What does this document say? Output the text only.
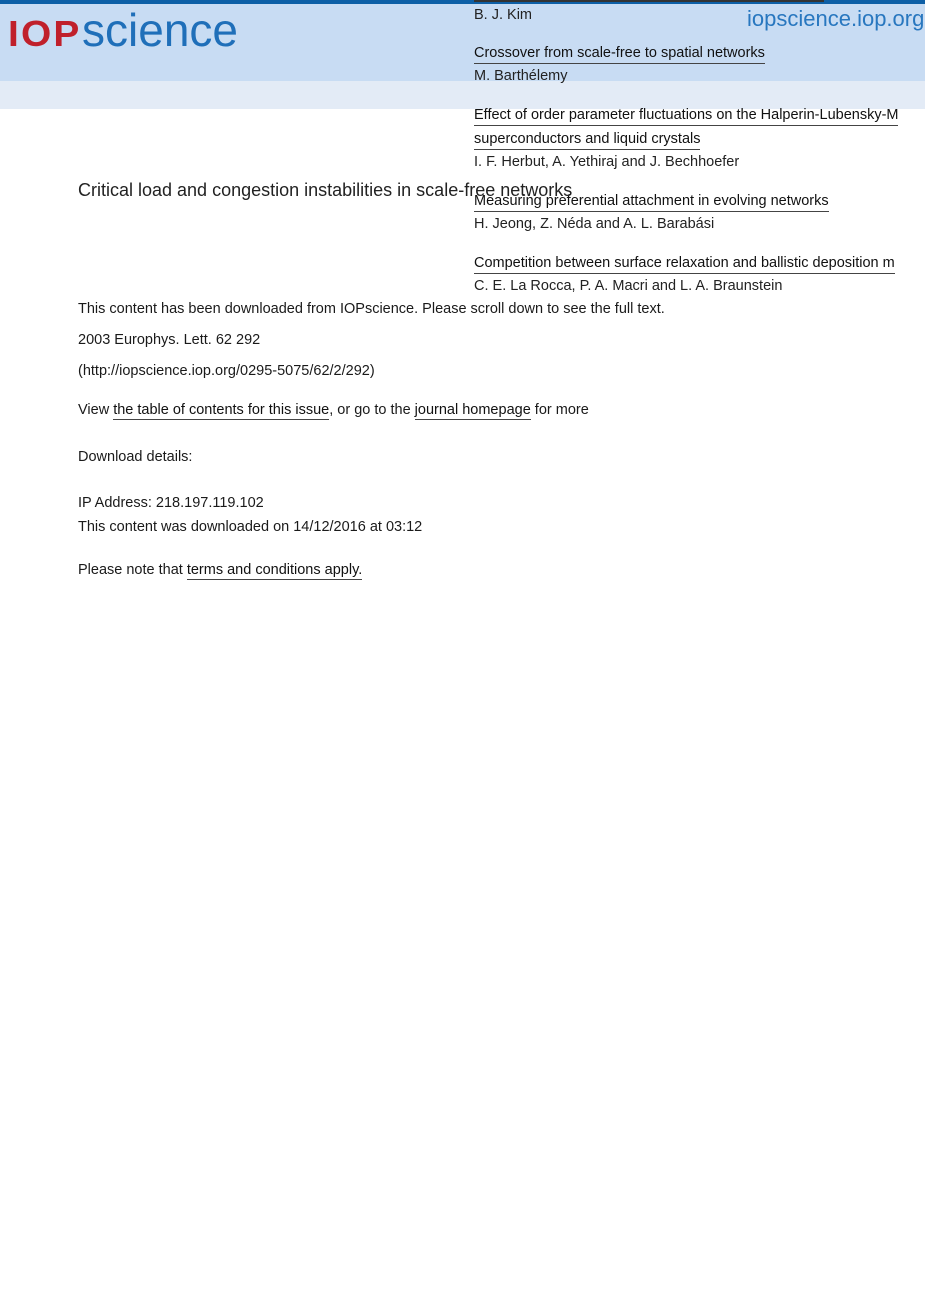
IOP science	iopscience.iop.org
B. J. Kim
Crossover from scale-free to spatial networks
M. Barthélemy
Effect of order parameter fluctuations on the Halperin-Lubensky-M
superconductors and liquid crystals
I. F. Herbut, A. Yethiraj and J. Bechhoefer
Measuring preferential attachment in evolving networks
H. Jeong, Z. Néda and A. L. Barabási
Competition between surface relaxation and ballistic deposition m
C. E. La Rocca, P. A. Macri and L. A. Braunstein
Critical load and congestion instabilities in scale-free networks
This content has been downloaded from IOPscience. Please scroll down to see the full text.
2003 Europhys. Lett. 62 292
(http://iopscience.iop.org/0295-5075/62/2/292)
View the table of contents for this issue, or go to the journal homepage for more
Download details:
IP Address: 218.197.119.102
This content was downloaded on 14/12/2016 at 03:12
Please note that terms and conditions apply.
